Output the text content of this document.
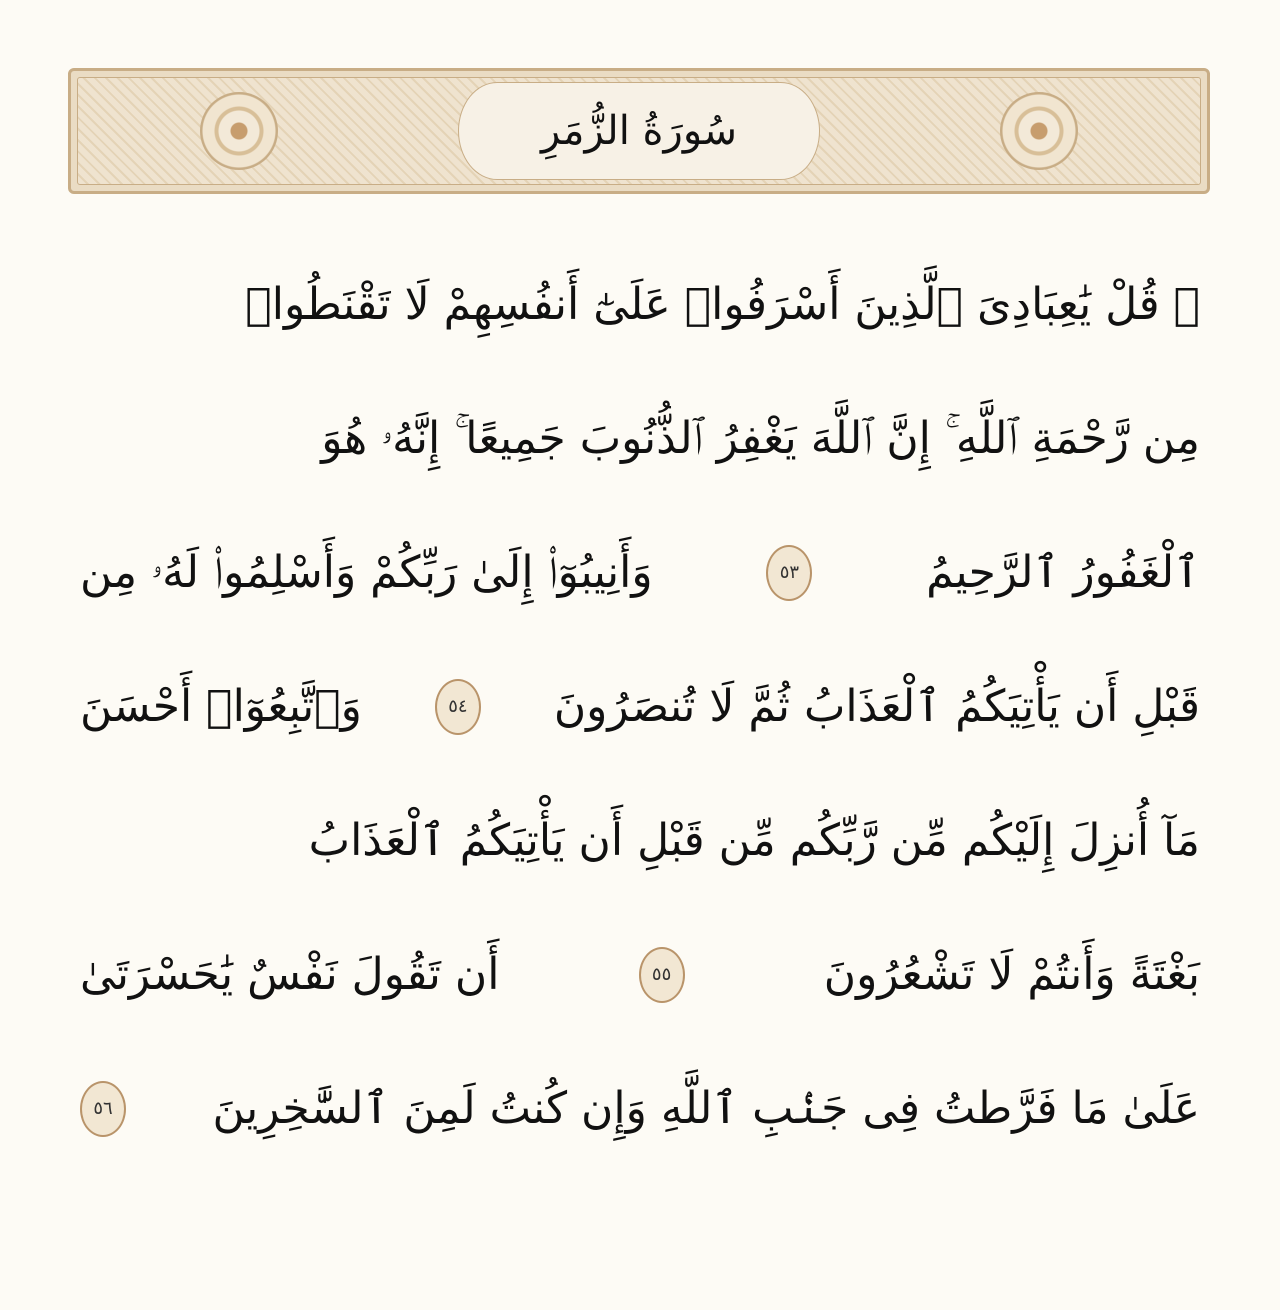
سُورَةُ الزُّمَرِ
۞ قُلْ يَٰعِبَادِىَ ٱلَّذِينَ أَسْرَفُوا۟ عَلَىٰٓ أَنفُسِهِمْ لَا تَقْنَطُوا۟
مِن رَّحْمَةِ ٱللَّهِ ۚ إِنَّ ٱللَّهَ يَغْفِرُ ٱلذُّنُوبَ جَمِيعًا ۚ إِنَّهُۥ هُوَ
ٱلْغَفُورُ ٱلرَّحِيمُ
٥٣
وَأَنِيبُوٓا۟ إِلَىٰ رَبِّكُمْ وَأَسْلِمُوا۟ لَهُۥ مِن
قَبْلِ أَن يَأْتِيَكُمُ ٱلْعَذَابُ ثُمَّ لَا تُنصَرُونَ
٥٤
وَٱتَّبِعُوٓا۟ أَحْسَنَ
مَآ أُنزِلَ إِلَيْكُم مِّن رَّبِّكُم مِّن قَبْلِ أَن يَأْتِيَكُمُ ٱلْعَذَابُ
بَغْتَةً وَأَنتُمْ لَا تَشْعُرُونَ
٥٥
أَن تَقُولَ نَفْسٌ يَٰحَسْرَتَىٰ
عَلَىٰ مَا فَرَّطتُ فِى جَنۢبِ ٱللَّهِ وَإِن كُنتُ لَمِنَ ٱلسَّٰخِرِينَ
٥٦
